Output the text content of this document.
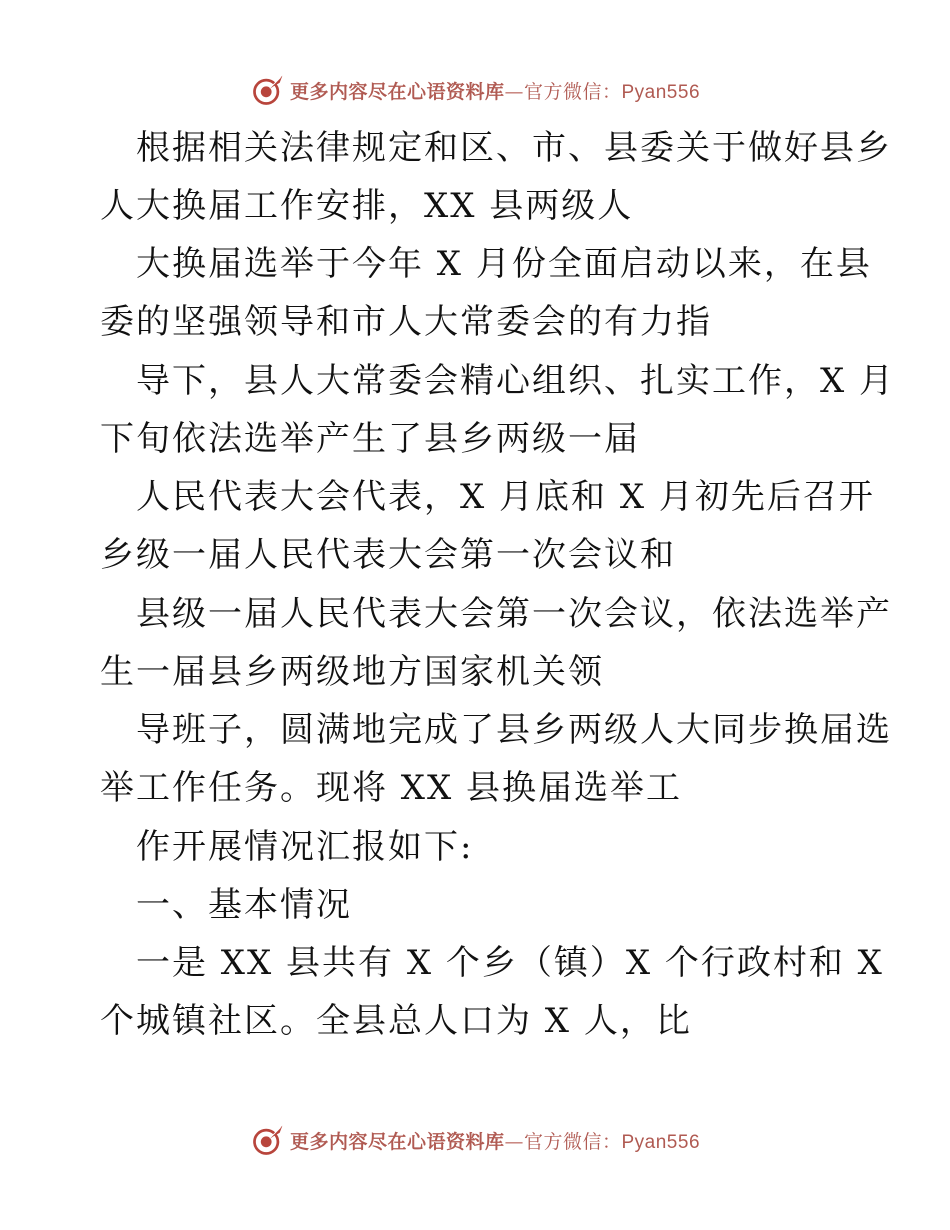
更多内容尽在心语资料库—官方微信：Pyan556
根据相关法律规定和区、市、县委关于做好县乡
人大换届工作安排，XX 县两级人
大换届选举于今年 X 月份全面启动以来，在县
委的坚强领导和市人大常委会的有力指
导下，县人大常委会精心组织、扎实工作，X 月
下旬依法选举产生了县乡两级一届
人民代表大会代表，X 月底和 X 月初先后召开
乡级一届人民代表大会第一次会议和
县级一届人民代表大会第一次会议，依法选举产
生一届县乡两级地方国家机关领
导班子，圆满地完成了县乡两级人大同步换届选
举工作任务。现将 XX 县换届选举工
作开展情况汇报如下:
一、基本情况
一是 XX 县共有 X 个乡（镇）X 个行政村和 X
个城镇社区。全县总人口为 X 人，比
更多内容尽在心语资料库—官方微信：Pyan556
